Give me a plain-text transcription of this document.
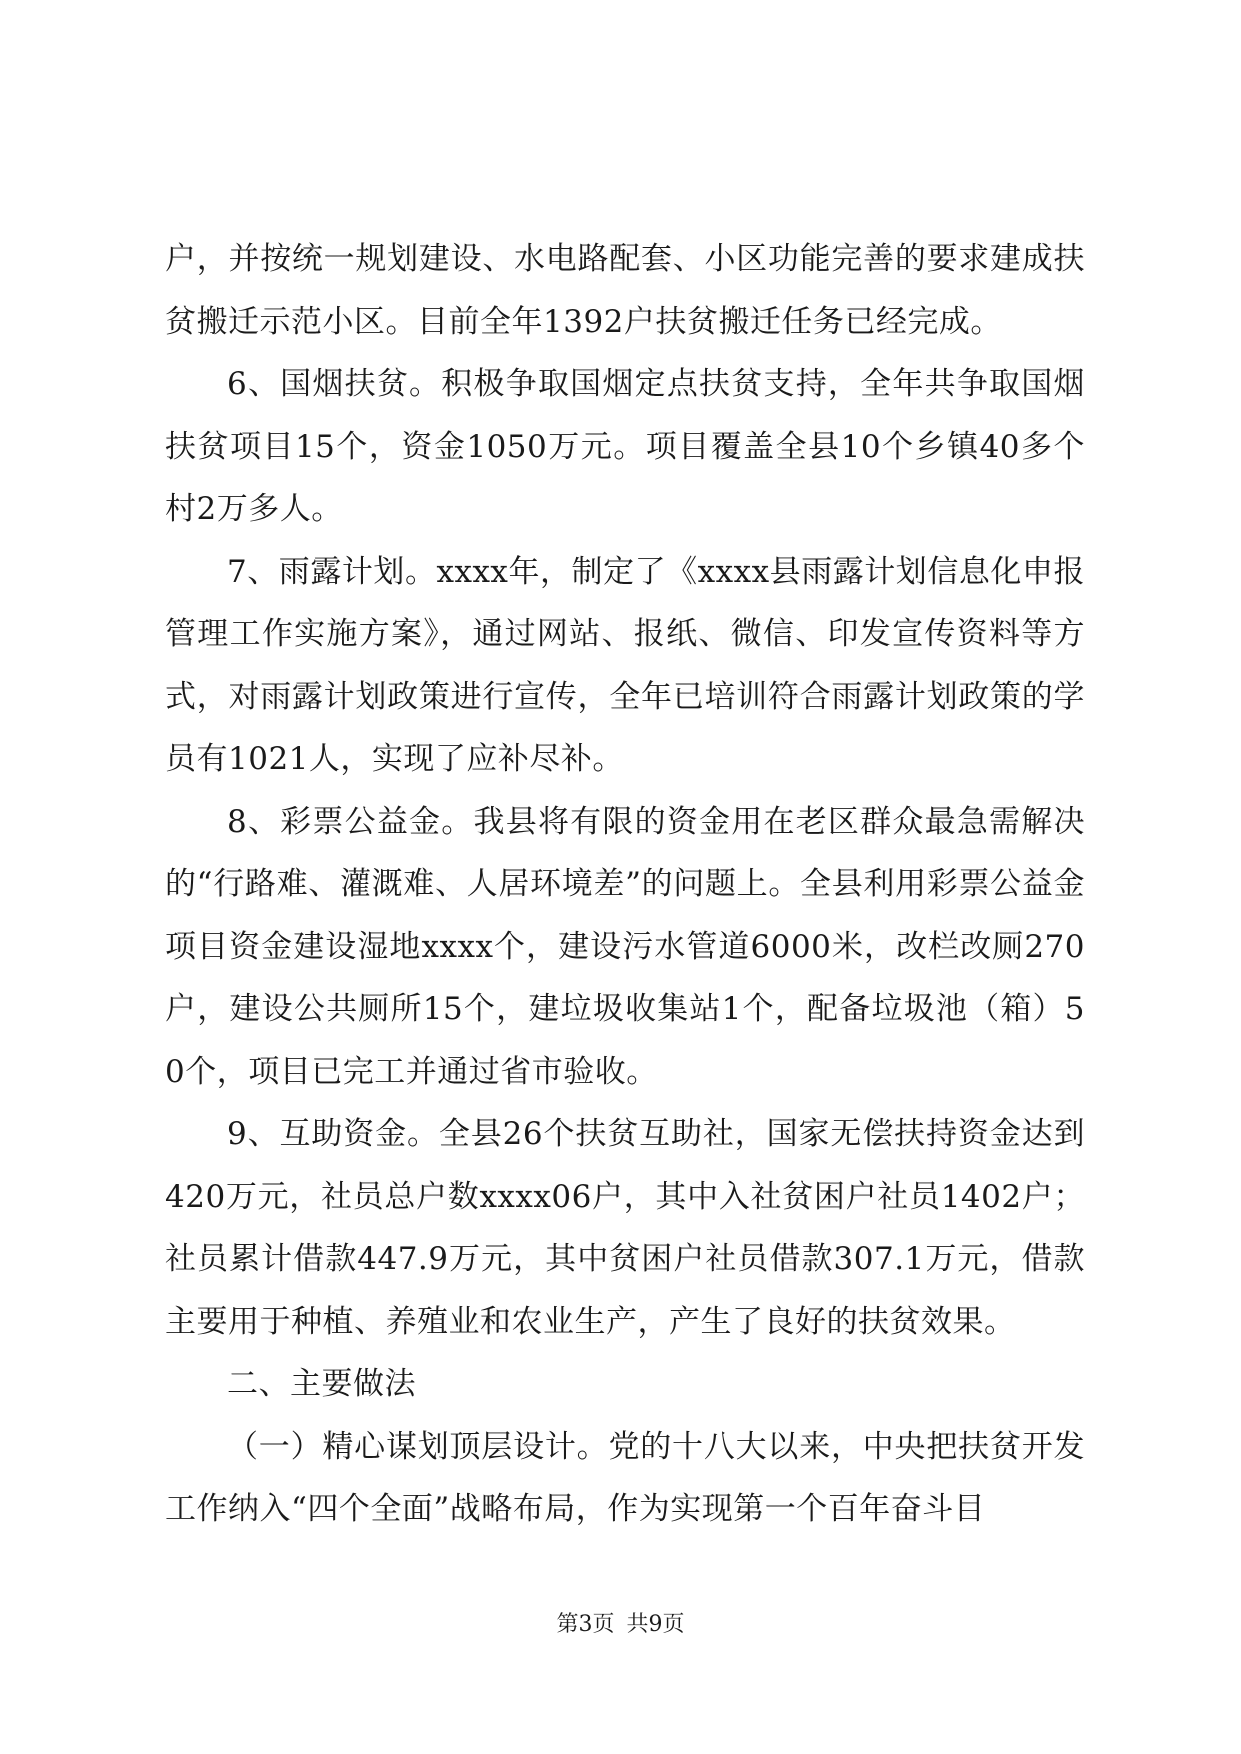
户，并按统一规划建设、水电路配套、小区功能完善的要求建成扶贫搬迁示范小区。目前全年1392户扶贫搬迁任务已经完成。

6、国烟扶贫。积极争取国烟定点扶贫支持，全年共争取国烟扶贫项目15个，资金1050万元。项目覆盖全县10个乡镇40多个村2万多人。

7、雨露计划。xxxx年，制定了《xxxx县雨露计划信息化申报管理工作实施方案》，通过网站、报纸、微信、印发宣传资料等方式，对雨露计划政策进行宣传，全年已培训符合雨露计划政策的学员有1021人，实现了应补尽补。

8、彩票公益金。我县将有限的资金用在老区群众最急需解决的“行路难、灌溉难、人居环境差”的问题上。全县利用彩票公益金项目资金建设湿地xxxx个，建设污水管道6000米，改栏改厕270户，建设公共厕所15个，建垃圾收集站1个，配备垃圾池（箱）50个，项目已完工并通过省市验收。

9、互助资金。全县26个扶贫互助社，国家无偿扶持资金达到420万元，社员总户数xxxx06户，其中入社贫困户社员1402户；社员累计借款447.9万元，其中贫困户社员借款307.1万元，借款主要用于种植、养殖业和农业生产，产生了良好的扶贫效果。

二、主要做法

（一）精心谋划顶层设计。党的十八大以来，中央把扶贫开发工作纳入“四个全面”战略布局，作为实现第一个百年奋斗目

第3页 共9页
